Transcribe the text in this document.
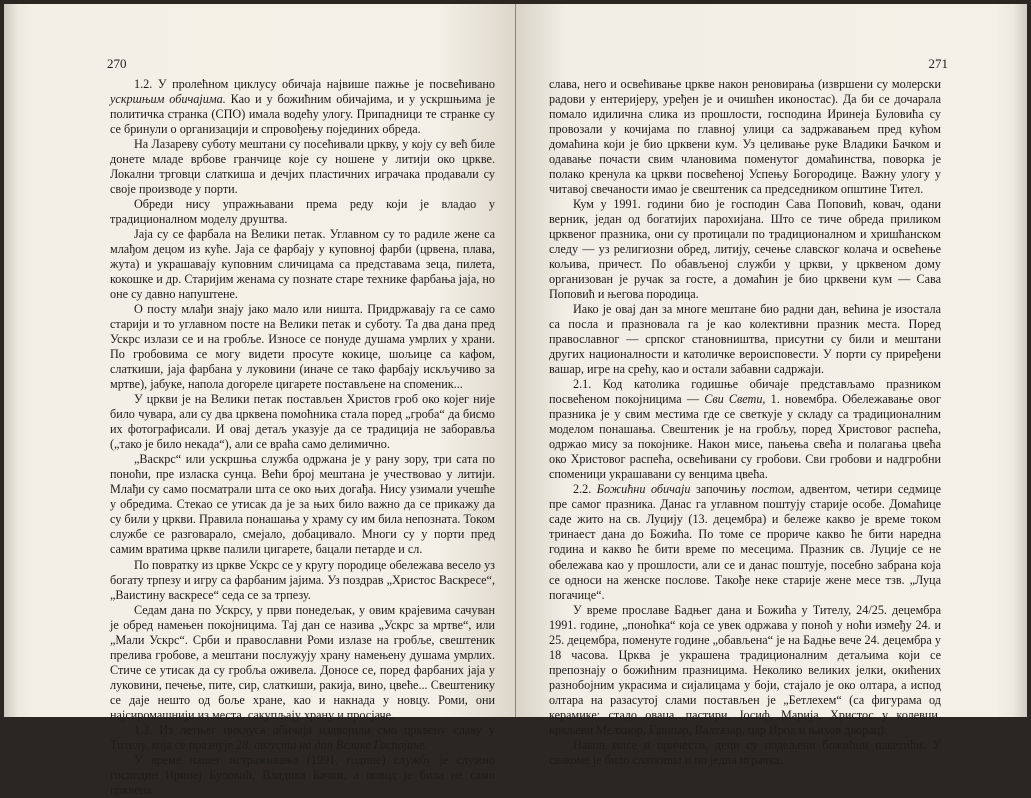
270

1.2. У пролећном циклусу обичаја највише пажње је посвећивано ускршњим обичајима. Као и у божићним обичајима, и у ускршњима је политичка странка (СПО) имала водећу улогу. Припадници те странке су се бринули о организацији и спровођењу појединих обреда.

На Лазареву суботу мештани су посећивали цркву, у коју су већ биле донете младе врбове гранчице које су ношене у литији око цркве. Локални трговци слаткиша и дечјих пластичних играчака продавали су своје производе у порти.

Обреди нису упражњавани према реду који је владао у традиционалном моделу друштва.

Јаја су се фарбала на Велики петак. Углавном су то радиле жене са млађом децом из куће. Јаја се фарбају у куповној фарби (црвена, плава, жута) и украшавају куповним сличицама са представама зеца, пилета, кокошке и др. Старијим женама су познате старе технике фарбања јаја, но оне су давно напуштене.

О посту млађи знају јако мало или ништа. Придржавају га се само старији и то углавном посте на Велики петак и суботу. Та два дана пред Ускрс излази се и на гробље. Износе се понуде душама умрлих у храни. По гробовима се могу видети просуте кокице, шољице са кафом, слаткиши, јаја фарбана у луковини (иначе се тако фарбају искључиво за мртве), јабуке, напола догореле цигарете постављене на споменик...

У цркви је на Велики петак постављен Христов гроб око којег није било чувара, али су два црквена помоћника стала поред „гроба“ да бисмо их фотографисали. И овај детаљ указује да се традиција не заборавља („тако је било некада“), али се враћа само делимично.

„Васкрс“ или ускршња служба одржана је у рану зору, три сата по поноћи, пре изласка сунца. Већи број мештана је учествовао у литији. Млађи су само посматрали шта се око њих догађа. Нису узимали учешће у обредима. Стекао се утисак да је за њих било важно да се прикажу да су били у цркви. Правила понашања у храму су им била непозната. Током службе се разговарало, смејало, добацивало. Многи су у порти пред самим вратима цркве палили цигарете, бацали петарде и сл.

По повратку из цркве Ускрс се у кругу породице обележава весело уз богату трпезу и игру са фарбаним јајима. Уз поздрав „Христос Васкресе“, „Ваистину васкресе“ седа се за трпезу.

Седам дана по Ускрсу, у први понедељак, у овим крајевима сачуван је обред намењен покојницима. Тај дан се назива „Ускрс за мртве“, или „Мали Ускрс“. Срби и православни Роми излазе на гробље, свештеник прелива гробове, а мештани послужују храну намењену душама умрлих. Стиче се утисак да су гробља оживела. Доносе се, поред фарбаних јаја у луковини, печење, пите, сир, слаткиши, ракија, вино, цвеће... Свештенику се даје нешто од боље хране, као и накнада у новцу. Роми, они најсиромашнији из места, сакупљају храну и просјаче.

1.3. Из летњег циклуса обичаја издвојили смо црквену славу у Тителу, која се празнује 28. августа на дан Велике Госпојине.

У време нашег истраживања (1991. године) службу је служио господин Иринеј Буловић, Владика Бачки, а повод је била не само црквена

271

слава, него и освећивање цркве након реновирања (извршени су молерски радови у ентеријеру, уређен је и очишћен иконостас). Да би се дочарала помало идилична слика из прошлости, господина Иринеја Буловића су провозали у кочијама по главној улици са задржавањем пред кућом домаћина који је био црквени кум. Уз целивање руке Владики Бачком и одавање почасти свим члановима поменутог домаћинства, поворка је полако кренула ка цркви посвећеној Успењу Богородице. Важну улогу у читавој свечаности имао је свештеник са председником општине Тител.

Кум у 1991. години био је господин Сава Поповић, ковач, одани верник, један од богатијих парохијана. Што се тиче обреда приликом црквеног празника, они су протицали по традиционалном и хришћанском следу — уз религиозни обред, литију, сечење славског колача и освећење кољива, причест. По обављеној служби у цркви, у црквеном дому организован је ручак за госте, а домаћин је био црквени кум — Сава Поповић и његова породица.

Иако је овај дан за многе мештане био радни дан, већина је изостала са посла и празновала га је као колективни празник места. Поред православног — српског становништва, присутни су били и мештани других националности и католичке вероисповести. У порти су приређени вашар, игре на срећу, као и остали забавни садржаји.

2.1. Код католика годишње обичаје представљамо празником посвећеном покојницима — Сви Свети, 1. новембра. Обележавање овог празника је у свим местима где се светкује у складу са традиционалним моделом понашања. Свештеник је на гробљу, поред Христовог распећа, одржао мису за покојнике. Након мисе, пањења свећа и полагања цвећа око Христовог распећа, освећивани су гробови. Сви гробови и надгробни споменици украшавани су венцима цвећа.

2.2. Божићни обичаји започињу постом, адвентом, четири седмице пре самог празника. Данас га углавном поштују старије особе. Домаћице саде жито на св. Луцију (13. децембра) и бележе какво је време током тринаест дана до Божића. По томе се прориче какво ће бити наредна година и какво ће бити време по месецима. Празник св. Луције се не обележава као у прошлости, али се и данас поштује, посебно забрана која се односи на женске послове. Такође неке старије жене месе тзв. „Луца погачице“.

У време прославе Бадњег дана и Божића у Тителу, 24/25. децембра 1991. године, „поноћка“ која се увек одржава у поноћ у ноћи између 24. и 25. децембра, поменуте године „обављена“ је на Бадње вече 24. децембра у 18 часова. Црква је украшена традиционалним детаљима који се препознају о божићним празницима. Неколико великих јелки, окићених разнобојним украсима и сијалицама у боји, стајало је око олтара, а испод олтара на разасутој слами постављен је „Бетлехем“ (са фигурама од керамике: стадо оваца, пастири, Јосиф, Марија, Христос у колевци, краљеви Мелхиор, Гашпар, Валтазар, цар Ирод и њихов дворац).

Након мисе и причести, деци су подељени божићни пакетићи. У свакоме је било слаткиша и по једна играчка.
